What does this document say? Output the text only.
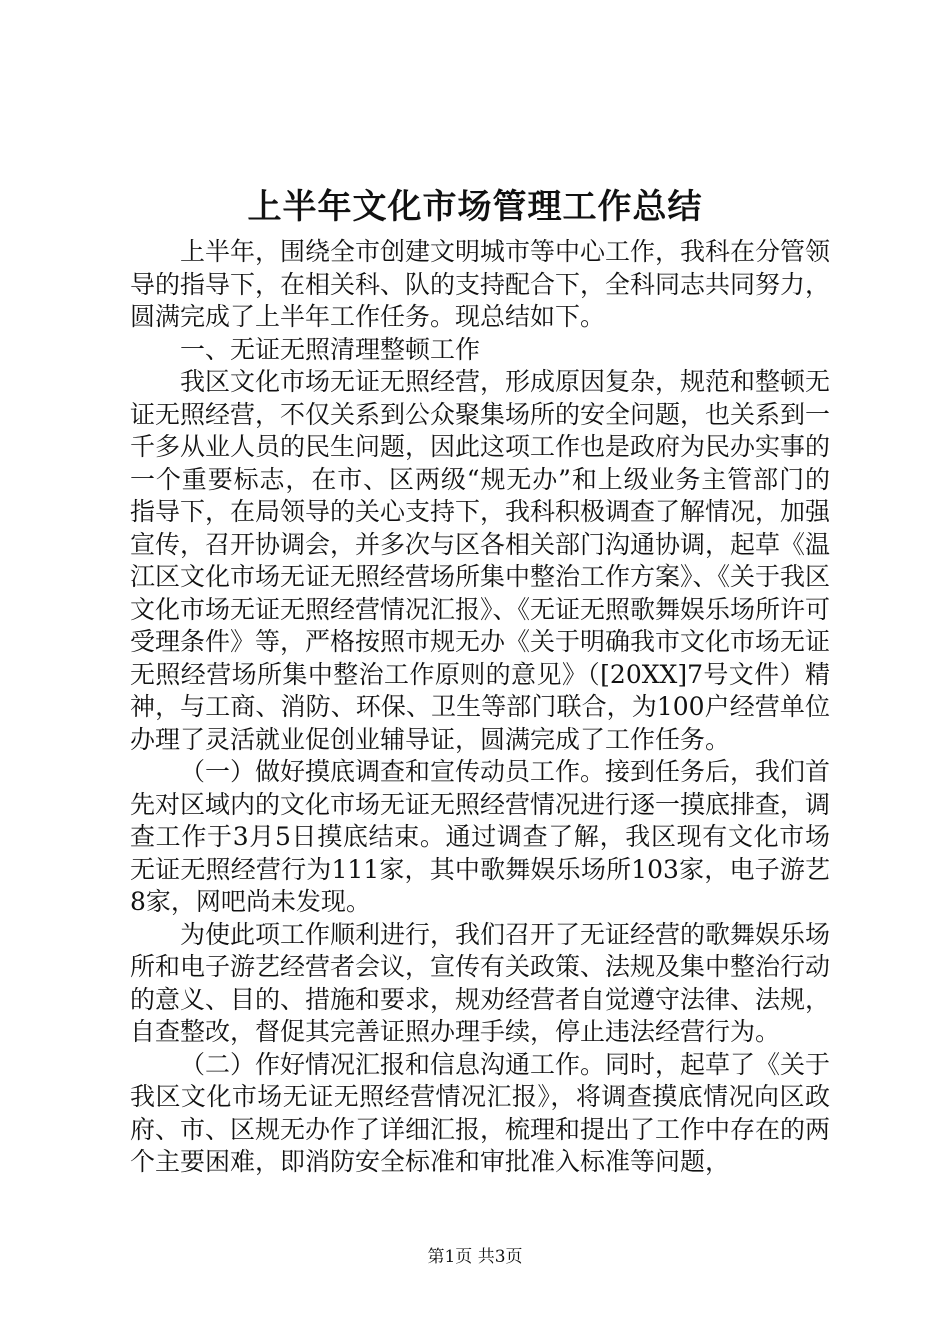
上半年文化市场管理工作总结

上半年，围绕全市创建文明城市等中心工作，我科在分管领导的指导下，在相关科、队的支持配合下，全科同志共同努力，圆满完成了上半年工作任务。现总结如下。

一、无证无照清理整顿工作

我区文化市场无证无照经营，形成原因复杂，规范和整顿无证无照经营，不仅关系到公众聚集场所的安全问题，也关系到一千多从业人员的民生问题，因此这项工作也是政府为民办实事的一个重要标志，在市、区两级“规无办”和上级业务主管部门的指导下，在局领导的关心支持下，我科积极调查了解情况，加强宣传，召开协调会，并多次与区各相关部门沟通协调，起草《温江区文化市场无证无照经营场所集中整治工作方案》、《关于我区文化市场无证无照经营情况汇报》、《无证无照歌舞娱乐场所许可受理条件》等，严格按照市规无办《关于明确我市文化市场无证无照经营场所集中整治工作原则的意见》（[20XX]7号文件）精神，与工商、消防、环保、卫生等部门联合，为100户经营单位办理了灵活就业促创业辅导证，圆满完成了工作任务。

（一）做好摸底调查和宣传动员工作。接到任务后，我们首先对区域内的文化市场无证无照经营情况进行逐一摸底排查，调查工作于3月5日摸底结束。通过调查了解，我区现有文化市场无证无照经营行为111家，其中歌舞娱乐场所103家，电子游艺8家，网吧尚未发现。

为使此项工作顺利进行，我们召开了无证经营的歌舞娱乐场所和电子游艺经营者会议，宣传有关政策、法规及集中整治行动的意义、目的、措施和要求，规劝经营者自觉遵守法律、法规，自查整改，督促其完善证照办理手续，停止违法经营行为。

（二）作好情况汇报和信息沟通工作。同时，起草了《关于我区文化市场无证无照经营情况汇报》，将调查摸底情况向区政府、市、区规无办作了详细汇报，梳理和提出了工作中存在的两个主要困难，即消防安全标准和审批准入标准等问题，

第1页 共3页
